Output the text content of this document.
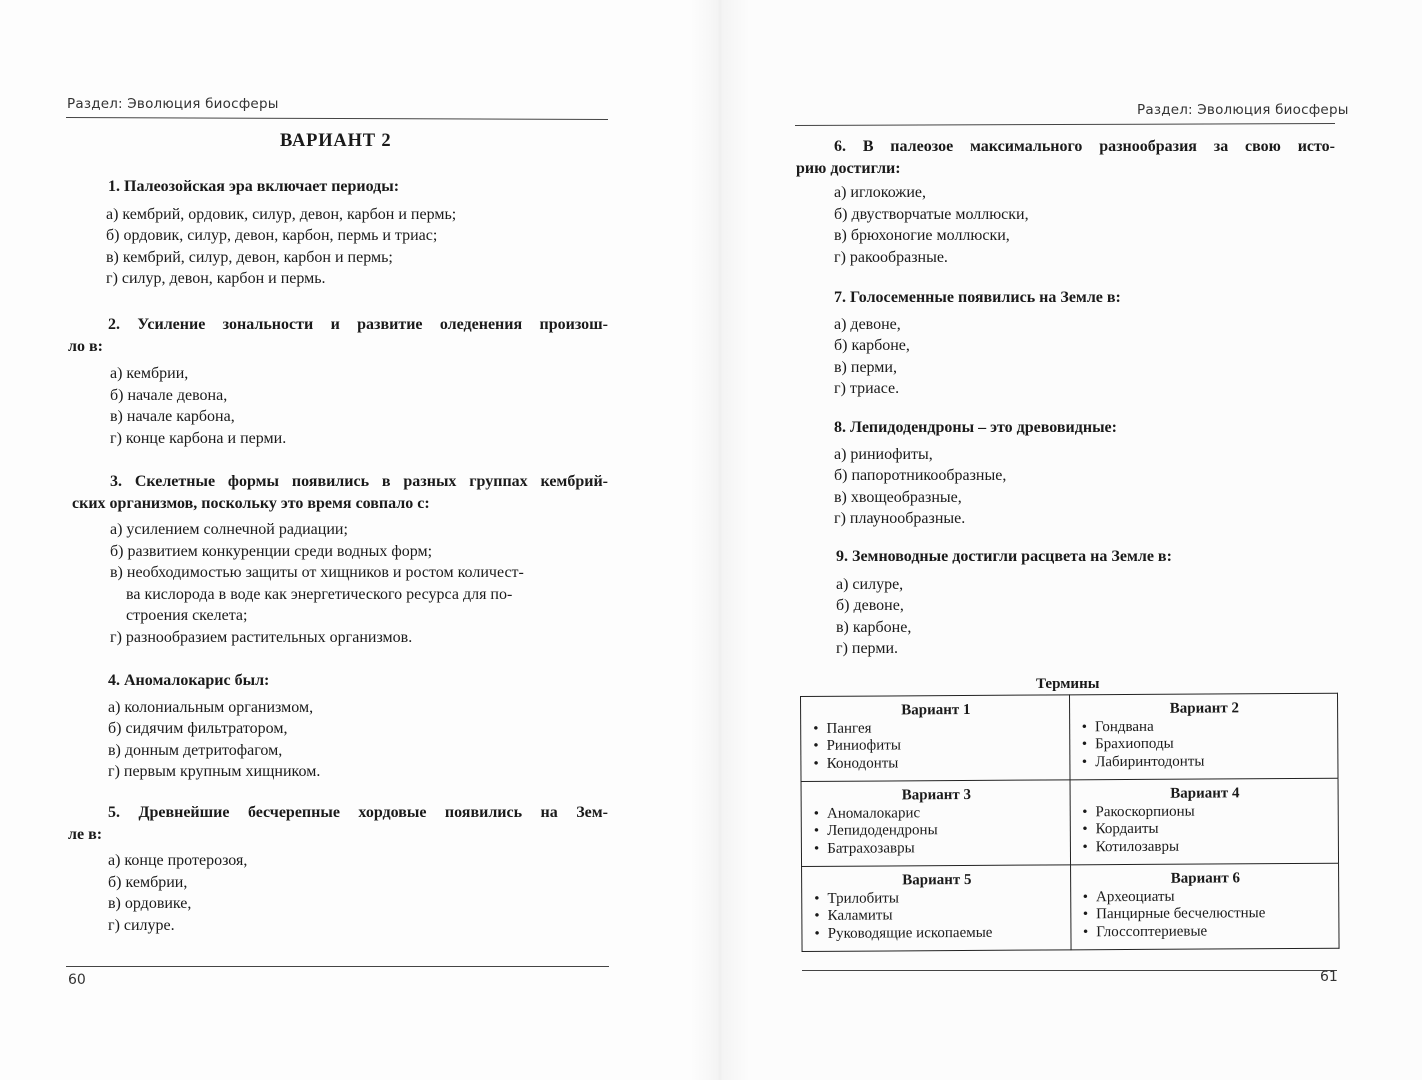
Раздел: Эволюция биосферы
ВАРИАНТ 2
1. Палеозойская эра включает периоды:
а) кембрий, ордовик, силур, девон, карбон и пермь;
б) ордовик, силур, девон, карбон, пермь и триас;
в) кембрий, силур, девон, карбон и пермь;
г) силур, девон, карбон и пермь.
2. Усиление зональности и развитие оледенения произош-
ло в:
а) кембрии,
б) начале девона,
в) начале карбона,
г) конце карбона и перми.
3. Скелетные формы появились в разных группах кембрий-
ских организмов, поскольку это время совпало с:
а) усилением солнечной радиации;
б) развитием конкуренции среди водных форм;
в) необходимостью защиты от хищников и ростом количест-
ва кислорода в воде как энергетического ресурса для по-
строения скелета;
г) разнообразием растительных организмов.
4. Аномалокарис был:
а) колониальным организмом,
б) сидячим фильтратором,
в) донным детритофагом,
г) первым крупным хищником.
5. Древнейшие бесчерепные хордовые появились на Зем-
ле в:
а) конце протерозоя,
б) кембрии,
в) ордовике,
г) силуре.
60
Раздел: Эволюция биосферы
6. В палеозое максимального разнообразия за свою исто-
рию достигли:
а) иглокожие,
б) двустворчатые моллюски,
в) брюхоногие моллюски,
г) ракообразные.
7. Голосеменные появились на Земле в:
а) девоне,
б) карбоне,
в) перми,
г) триасе.
8. Лепидодендроны – это древовидные:
а) риниофиты,
б) папоротникообразные,
в) хвощеобразные,
г) плаунообразные.
9. Земноводные достигли расцвета на Земле в:
а) силуре,
б) девоне,
в) карбоне,
г) перми.
Термины
Вариант 1
• Пангея
• Риниофиты
• Конодонты	Вариант 2
• Гондвана
• Брахиоподы
• Лабиринтодонты

Вариант 3
• Аномалокарис
• Лепидодендроны
• Батрахозавры	Вариант 4
• Ракоскорпионы
• Кордаиты
• Котилозавры

Вариант 5
• Трилобиты
• Каламиты
• Руководящие ископаемые	Вариант 6
• Археоциаты
• Панцирные бесчелюстные
• Глоссоптериевые
61
